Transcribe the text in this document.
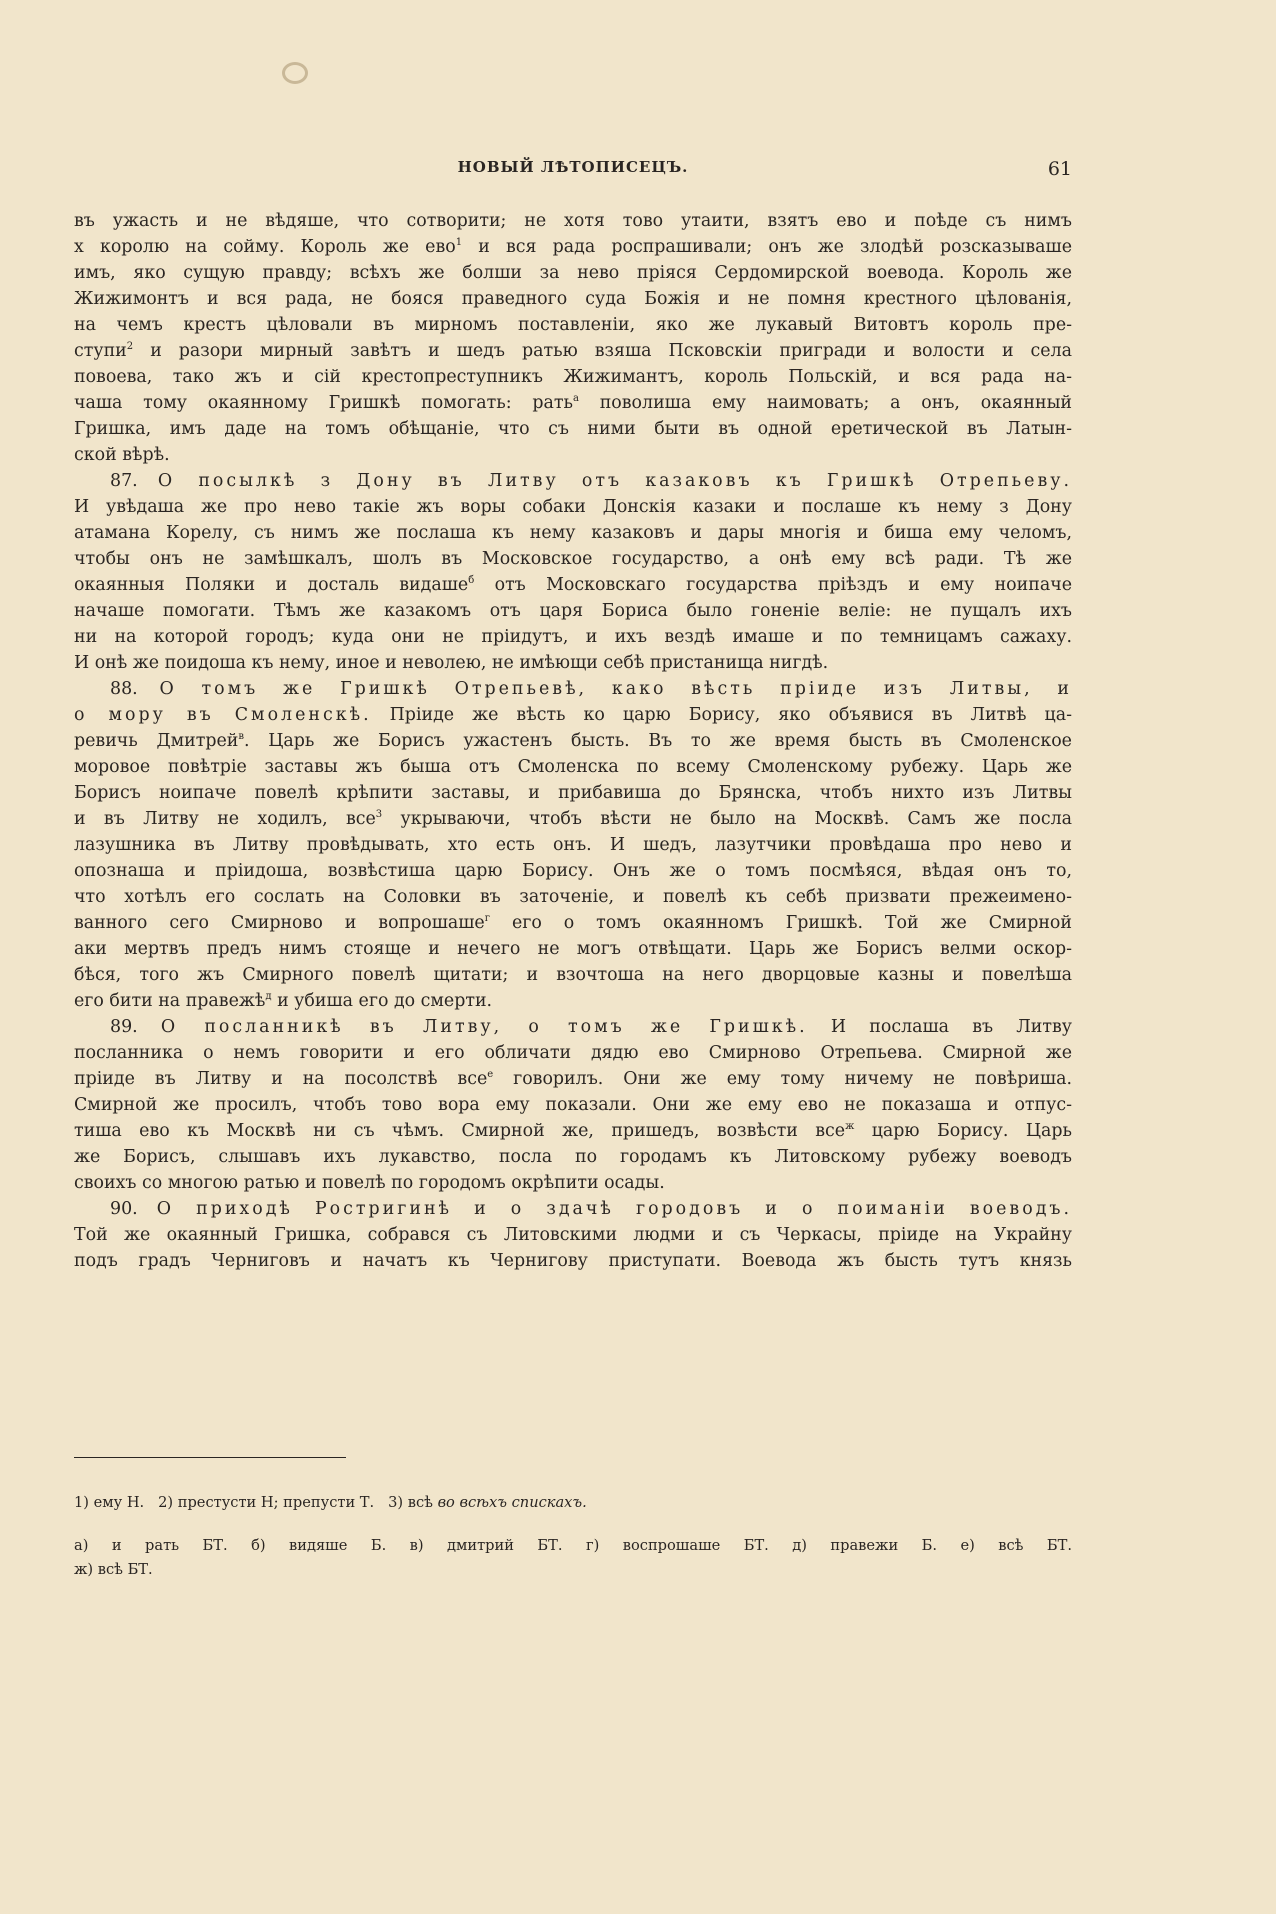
НОВЫЙ ЛѢТОПИСЕЦЪ.	61
въ ужасть и не вѣдяше, что сотворити; не хотя тово утаити, взятъ ево и поѣде съ нимъ
х королю на сойму. Король же ево$^1$ и вся рада роспрашивали; онъ же злодѣй розсказываше
имъ, яко сущую правду; всѣхъ же болши за нево пріяся Сердомирской воевода. Король же
Жижимонтъ и вся рада, не бояся праведного суда Божія и не помня крестного цѣлованія,
на чемъ крестъ цѣловали въ мирномъ поставленіи, яко же лукавый Витовтъ король пре-
ступи$^2$ и разори мирный завѣтъ и шедъ ратью взяша Псковскіи пригради и волости и села
повоева, тако жъ и сій крестопреступникъ Жижимантъ, король Польскій, и вся рада на-
чаша тому окаянному Гришкѣ помогать: рать$^а$ поволиша ему наимовать; а онъ, окаянный
Гришка, имъ даде на томъ обѣщаніе, что съ ними быти въ одной еретической въ Латын-
ской вѣрѣ.
87. О посылкѣ з Дону въ Литву отъ казаковъ къ Гришкѣ Отрепьеву.
И увѣдаша же про нево такіе жъ воры собаки Донскія казаки и послаше къ нему з Дону
атамана Корелу, съ нимъ же послаша къ нему казаковъ и дары многія и биша ему челомъ,
чтобы онъ не замѣшкалъ, шолъ въ Московское государство, а онѣ ему всѣ ради. Тѣ же
окаянныя Поляки и досталь видаше$^б$ отъ Московскаго государства пріѣздъ и ему ноипаче
начаше помогати. Тѣмъ же казакомъ отъ царя Бориса было гоненіе веліе: не пущалъ ихъ
ни на которой городъ; куда они не пріидутъ, и ихъ вездѣ имаше и по темницамъ сажаху.
И онѣ же поидоша къ нему, иное и неволею, не имѣющи себѣ пристанища нигдѣ.
88. О томъ же Гришкѣ Отрепьевѣ, како вѣсть пріиде изъ Литвы, и
о мору въ Смоленскѣ. Пріиде же вѣсть ко царю Борису, яко объявися въ Литвѣ ца-
ревичь Дмитрей$^в$. Царь же Борисъ ужастенъ бысть. Въ то же время бысть въ Смоленское
моровое повѣтріе заставы жъ быша отъ Смоленска по всему Смоленскому рубежу. Царь же
Борисъ ноипаче повелѣ крѣпити заставы, и прибавиша до Брянска, чтобъ нихто изъ Литвы
и въ Литву не ходилъ, все$^3$ укрываючи, чтобъ вѣсти не было на Москвѣ. Самъ же посла
лазушника въ Литву провѣдывать, хто есть онъ. И шедъ, лазутчики провѣдаша про нево и
опознаша и пріидоша, возвѣстиша царю Борису. Онъ же о томъ посмѣяся, вѣдая онъ то,
что хотѣлъ его сослать на Соловки въ заточеніе, и повелѣ къ себѣ призвати прежеименo-
ванного сего Смирново и вопрошаше$^г$ его о томъ окаянномъ Гришкѣ. Той же Смирной
аки мертвъ предъ нимъ стояще и нечего не могъ отвѣщати. Царь же Борисъ велми оскор-
бѣся, того жъ Смирного повелѣ щитати; и взочтоша на него дворцовые казны и повелѣша
его бити на правежѣ$^д$ и убиша его до смерти.
89. О посланникѣ въ Литву, о томъ же Гришкѣ. И послаша въ Литву
посланника о немъ говорити и его обличати дядю ево Смирново Отрепьева. Смирной же
пріиде въ Литву и на посолствѣ все$^е$ говорилъ. Они же ему тому ничему не повѣриша.
Смирной же просилъ, чтобъ тово вора ему показали. Они же ему ево не показаша и отпус-
тиша ево къ Москвѣ ни съ чѣмъ. Смирной же, пришедъ, возвѣсти все$^ж$ царю Борису. Царь
же Борисъ, слышавъ ихъ лукавство, посла по городамъ къ Литовскому рубежу воеводъ
своихъ со многою ратью и повелѣ по городомъ окрѣпити осады.
90. О приходѣ Ростригинѣ и о здачѣ городовъ и о поиманіи воеводъ.
Той же окаянный Гришка, собрався съ Литовскими людми и съ Черкасы, пріиде на Украйну
подъ градъ Черниговъ и начатъ къ Чернигову приступати. Воевода жъ бысть тутъ князь
1) ему Н. 2) престусти Н; препусти Т. 3) всѣ во всѣхъ спискахъ.
а) и рать БТ. б) видяше Б. в) дмитрий БТ. г) воспрошаше БТ. д) правежи Б. е) всѣ БТ.
ж) всѣ БТ.
